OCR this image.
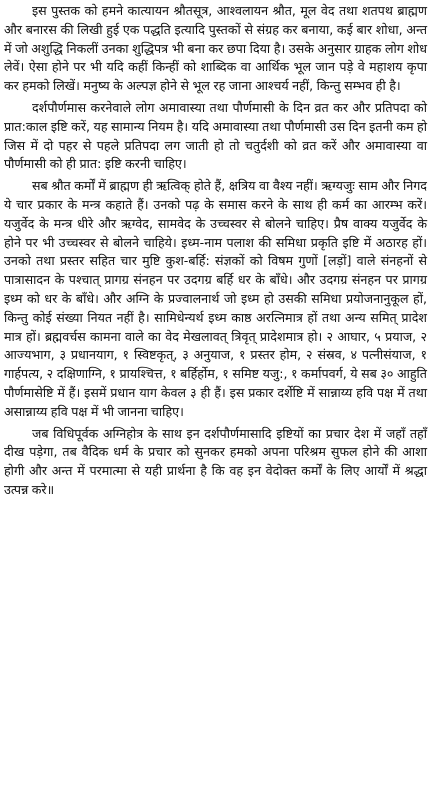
इस पुस्तक को हमने कात्यायन श्रौतसूत्र, आश्वलायन श्रौत, मूल वेद तथा शतपथ ब्राह्मण और बनारस की लिखी हुई एक पद्धति इत्यादि पुस्तकों से संग्रह कर बनाया, कई बार शोधा, अन्त में जो अशुद्धि निकलीं उनका शुद्धिपत्र भी बना कर छपा दिया है। उसके अनुसार ग्राहक लोग शोध लेवें। ऐसा होने पर भी यदि कहीं किन्हीं को शाब्दिक वा आर्थिक भूल जान पड़े वे महाशय कृपा कर हमको लिखें। मनुष्य के अल्पज्ञ होने से भूल रह जाना आश्चर्य नहीं, किन्तु सम्भव ही है।

दर्शपौर्णमास करनेवाले लोग अमावास्या तथा पौर्णमासी के दिन व्रत कर और प्रतिपदा को प्रात:काल इष्टि करें, यह सामान्य नियम है। यदि अमावास्या तथा पौर्णमासी उस दिन इतनी कम हो जिस में दो पहर से पहले प्रतिपदा लग जाती हो तो चतुर्दशी को व्रत करें और अमावास्या वा पौर्णमासी को ही प्रात: इष्टि करनी चाहिए।

सब श्रौत कर्मों में ब्राह्मण ही ऋत्विक् होते हैं, क्षत्रिय वा वैश्य नहीं। ऋग्यजुः साम और निगद ये चार प्रकार के मन्त्र कहाते हैं। उनको पढ़ के समास करने के साथ ही कर्म का आरम्भ करें। यजुर्वेद के मन्त्र धीरे और ऋग्वेद, सामवेद के उच्चस्वर से बोलने चाहिए। प्रैष वाक्य यजुर्वेद के होने पर भी उच्चस्वर से बोलने चाहिये। इध्म-नाम पलाश की समिधा प्रकृति इष्टि में अठारह हों। उनको तथा प्रस्तर सहित चार मुष्टि कुश-बर्हि: संज्ञकों को विषम गुणों [लड़ों] वाले संनहनों से पात्रासादन के पश्चात् प्रागग्र संनहन पर उदगग्र बर्हि धर के बाँधे। और उदगग्र संनहन पर प्रागग्र इध्म को धर के बाँधे। और अग्नि के प्रज्वालनार्थ जो इध्म हो उसकी समिधा प्रयोजनानुकूल हों, किन्तु कोई संख्या नियत नहीं है। सामिधेन्यर्थ इध्म काष्ठ अरत्निमात्र हों तथा अन्य समित् प्रादेश मात्र हों। ब्रह्मवर्चस कामना वाले का वेद मेखलावत् त्रिवृत् प्रादेशमात्र हो। २ आघार, ५ प्रयाज, २ आज्यभाग, ३ प्रधानयाग, १ स्विष्टकृत्, ३ अनुयाज, १ प्रस्तर होम, २ संस्रव, ४ पत्नीसंयाज, १ गार्हपत्य, २ दक्षिणाग्नि, १ प्रायश्चित्त, १ बर्हिर्होम, १ समिष्ट यजु:, १ कर्मापवर्ग, ये सब ३० आहुति पौर्णमासेष्टि में हैं। इसमें प्रधान याग केवल ३ ही हैं। इस प्रकार दर्शेष्टि में सान्नाय्य हवि पक्ष में तथा असान्नाय्य हवि पक्ष में भी जानना चाहिए।

जब विधिपूर्वक अग्निहोत्र के साथ इन दर्शपौर्णमासादि इष्टियों का प्रचार देश में जहाँ तहाँ दीख पड़ेगा, तब वैदिक धर्म के प्रचार को सुनकर हमको अपना परिश्रम सुफल होने की आशा होगी और अन्त में परमात्मा से यही प्रार्थना है कि वह इन वेदोक्त कर्मों के लिए आर्यों में श्रद्धा उत्पन्न करे॥
